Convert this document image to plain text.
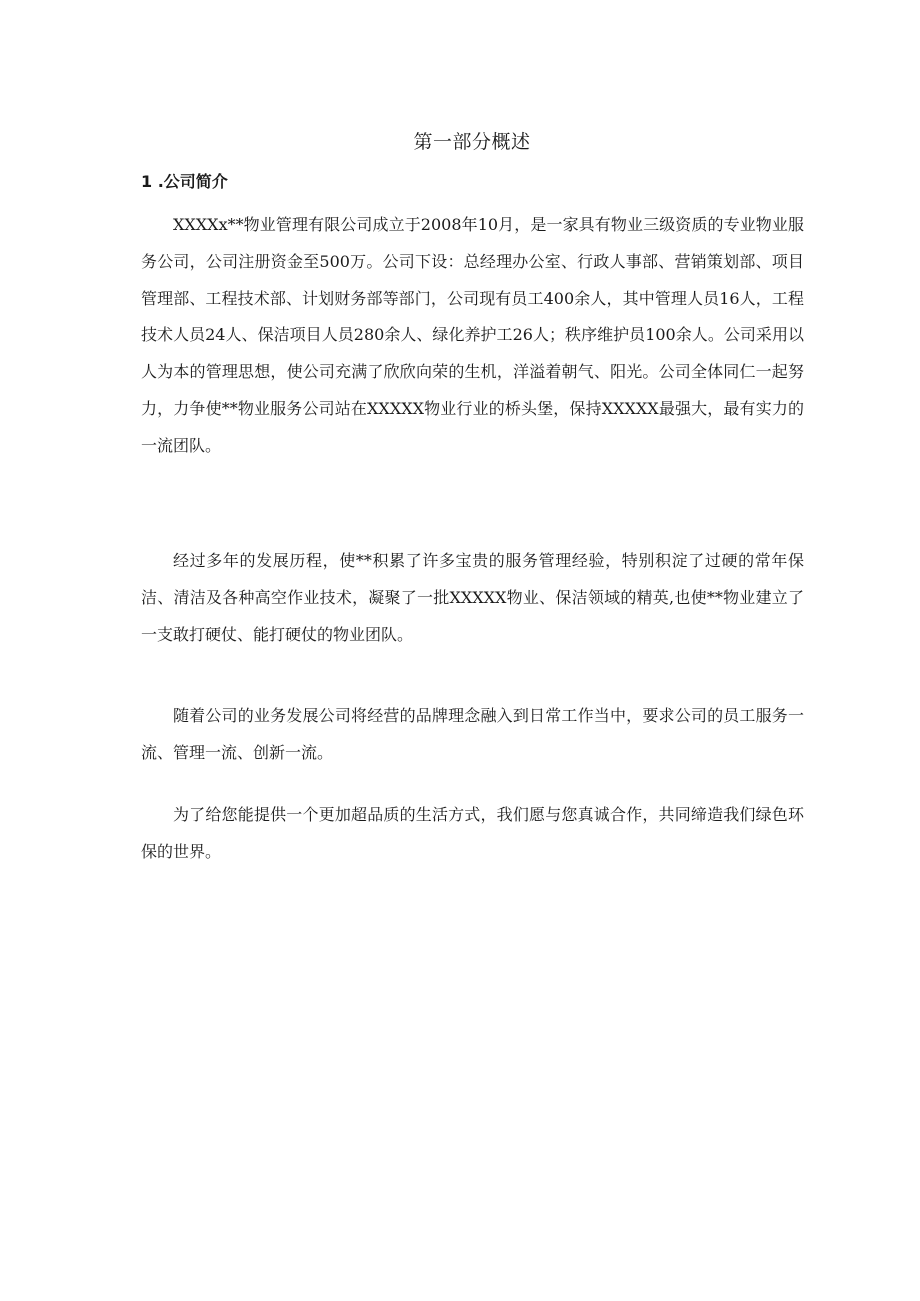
第一部分概述
1 .公司简介

XXXXx**物业管理有限公司成立于2008年10月，是一家具有物业三级资质的专业物业服务公司，公司注册资金至500万。公司下设：总经理办公室、行政人事部、营销策划部、项目管理部、工程技术部、计划财务部等部门，公司现有员工400余人，其中管理人员16人，工程技术人员24人、保洁项目人员280余人、绿化养护工26人；秩序维护员100余人。公司采用以人为本的管理思想，使公司充满了欣欣向荣的生机，洋溢着朝气、阳光。公司全体同仁一起努力，力争使**物业服务公司站在XXXXX物业行业的桥头堡，保持XXXXX最强大，最有实力的一流团队。

经过多年的发展历程，使**积累了许多宝贵的服务管理经验，特别积淀了过硬的常年保洁、清洁及各种高空作业技术，凝聚了一批XXXXX物业、保洁领域的精英,也使**物业建立了一支敢打硬仗、能打硬仗的物业团队。

随着公司的业务发展公司将经营的品牌理念融入到日常工作当中，要求公司的员工服务一流、管理一流、创新一流。

为了给您能提供一个更加超品质的生活方式，我们愿与您真诚合作，共同缔造我们绿色环保的世界。
